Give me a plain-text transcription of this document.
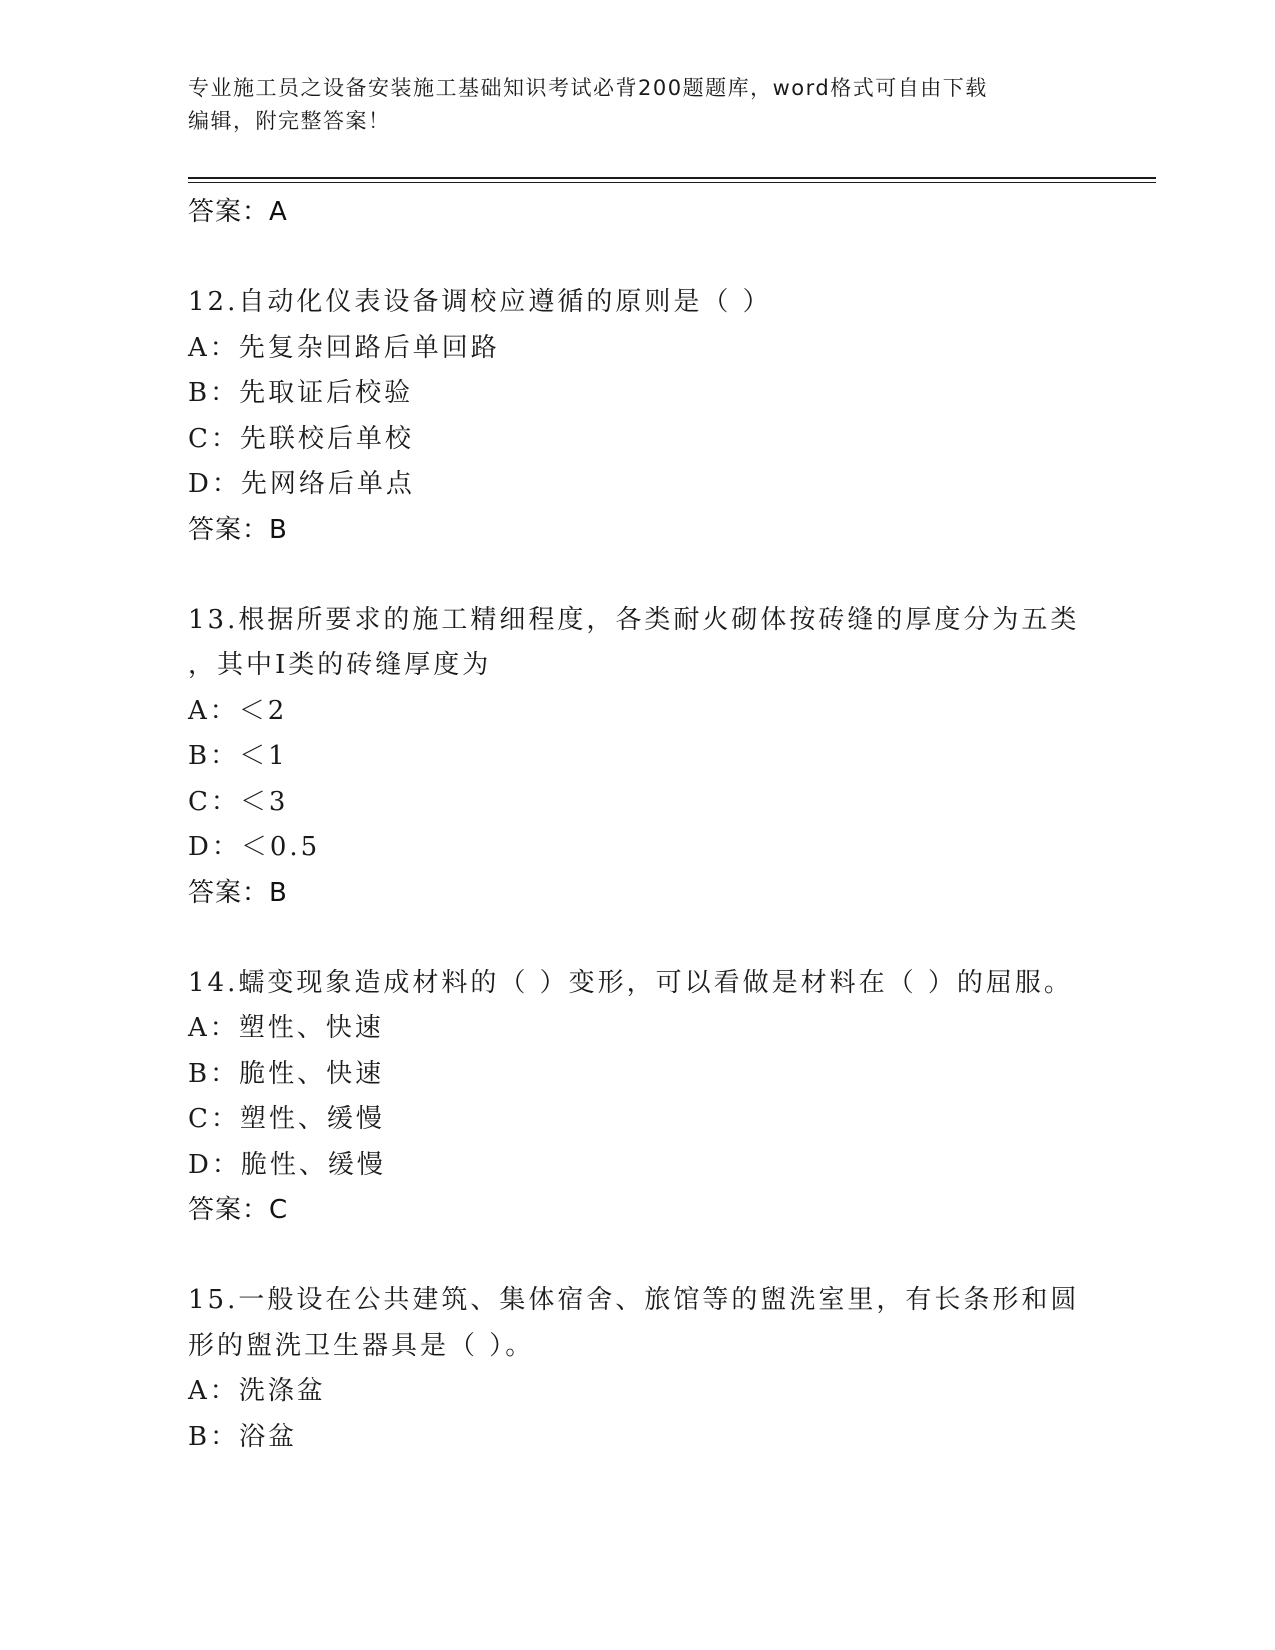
专业施工员之设备安装施工基础知识考试必背200题题库，word格式可自由下载
编辑，附完整答案！
答案：A
12.自动化仪表设备调校应遵循的原则是（ ）
A：先复杂回路后单回路
B：先取证后校验
C：先联校后单校
D：先网络后单点
答案：B
13.根据所要求的施工精细程度，各类耐火砌体按砖缝的厚度分为五类
，其中Ⅰ类的砖缝厚度为
A：＜2
B：＜1
C：＜3
D：＜0.5
答案：B
14.蠕变现象造成材料的（ ）变形，可以看做是材料在（ ）的屈服。
A：塑性、快速
B：脆性、快速
C：塑性、缓慢
D：脆性、缓慢
答案：C
15.一般设在公共建筑、集体宿舍、旅馆等的盥洗室里，有长条形和圆
形的盥洗卫生器具是（ ）。
A：洗涤盆
B：浴盆
